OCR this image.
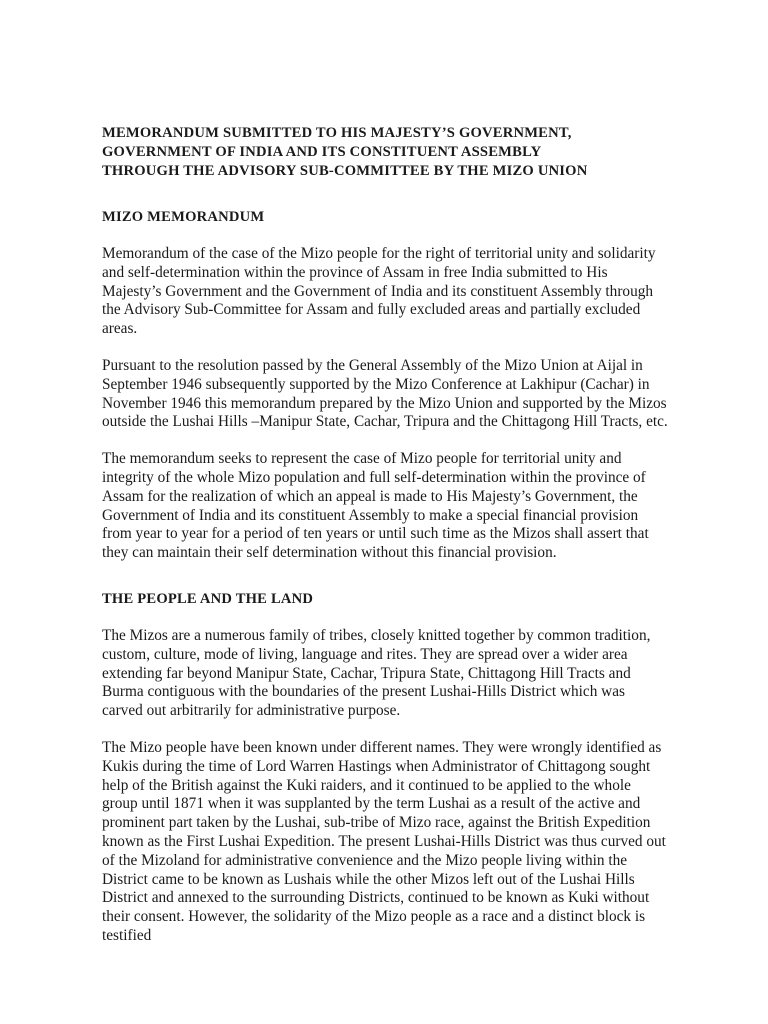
MEMORANDUM SUBMITTED TO HIS MAJESTY’S GOVERNMENT,
GOVERNMENT OF INDIA AND ITS CONSTITUENT ASSEMBLY
THROUGH THE ADVISORY SUB-COMMITTEE BY THE MIZO UNION
MIZO MEMORANDUM

Memorandum of the case of the Mizo people for the right of territorial unity and solidarity and self-determination within the province of Assam in free India submitted to His Majesty’s Government and the Government of India and its constituent Assembly through the Advisory Sub-Committee for Assam and fully excluded areas and partially excluded areas.

Pursuant to the resolution passed by the General Assembly of the Mizo Union at Aijal in September 1946 subsequently supported by the Mizo Conference at Lakhipur (Cachar) in November 1946 this memorandum prepared by the Mizo Union and supported by the Mizos outside the Lushai Hills –Manipur State, Cachar, Tripura and the Chittagong Hill Tracts, etc.

The memorandum seeks to represent the case of Mizo people for territorial unity and integrity of the whole Mizo population and full self-determination within the province of Assam for the realization of which an appeal is made to His Majesty’s Government, the Government of India and its constituent Assembly to make a special financial provision from year to year for a period of ten years or until such time as the Mizos shall assert that they can maintain their self determination without this financial provision.

THE PEOPLE AND THE LAND

The Mizos are a numerous family of tribes, closely knitted together by common tradition, custom, culture, mode of living, language and rites. They are spread over a wider area extending far beyond Manipur State, Cachar, Tripura State, Chittagong Hill Tracts and Burma contiguous with the boundaries of the present Lushai-Hills District which was carved out arbitrarily for administrative purpose.

The Mizo people have been known under different names. They were wrongly identified as Kukis during the time of Lord Warren Hastings when Administrator of Chittagong sought help of the British against the Kuki raiders, and it continued to be applied to the whole group until 1871 when it was supplanted by the term Lushai as a result of the active and prominent part taken by the Lushai, sub-tribe of Mizo race, against the British Expedition known as the First Lushai Expedition. The present Lushai-Hills District was thus curved out of the Mizoland for administrative convenience and the Mizo people living within the District came to be known as Lushais while the other Mizos left out of the Lushai Hills District and annexed to the surrounding Districts, continued to be known as Kuki without their consent. However, the solidarity of the Mizo people as a race and a distinct block is testified
